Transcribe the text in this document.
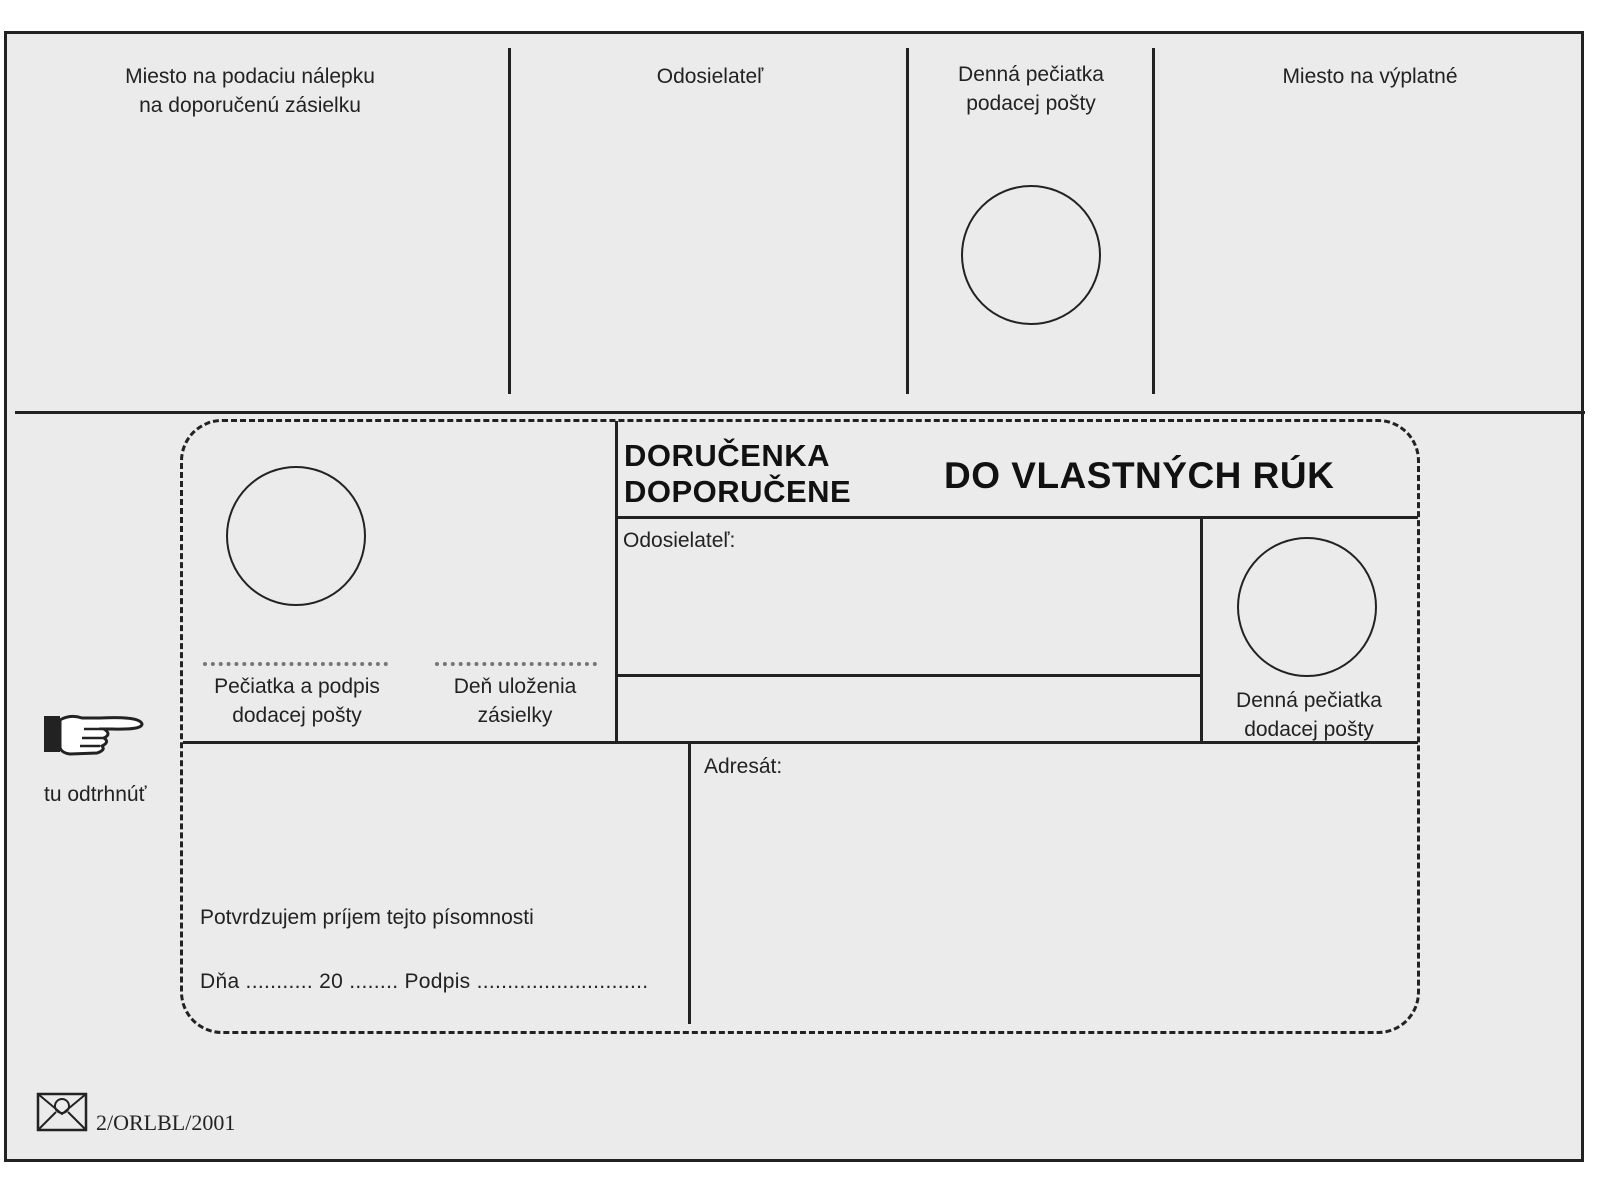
Miesto na podaciu nálepku
na doporučenú zásielku
Odosielateľ	Denná pečiatka
podacej pošty
Miesto na výplatné
tu odtrhnúť
DORUČENKA
DOPORUČENE	DO VLASTNÝCH RÚK
Pečiatka a podpis
dodacej pošty
Deň uloženia
zásielky
Odosielateľ:
Denná pečiatka
dodacej pošty
Adresát:
Potvrdzujem príjem tejto písomnosti
Dňa ........... 20 ........ Podpis ............................
2/ORLBL/2001
